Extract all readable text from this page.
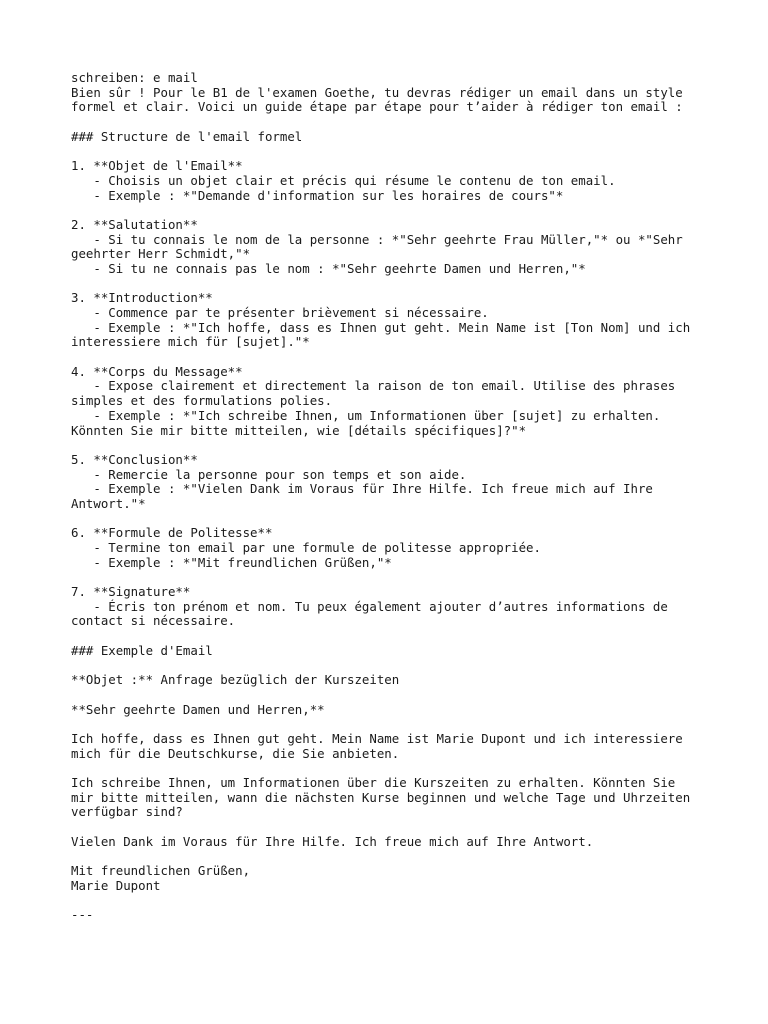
schreiben: e mail
Bien sûr ! Pour le B1 de l'examen Goethe, tu devras rédiger un email dans un style
formel et clair. Voici un guide étape par étape pour t’aider à rédiger ton email :
### Structure de l'email formel
1. **Objet de l'Email**
- Choisis un objet clair et précis qui résume le contenu de ton email.
- Exemple : *"Demande d'information sur les horaires de cours"*
2. **Salutation**
- Si tu connais le nom de la personne : *"Sehr geehrte Frau Müller,"* ou *"Sehr
geehrter Herr Schmidt,"*
- Si tu ne connais pas le nom : *"Sehr geehrte Damen und Herren,"*
3. **Introduction**
- Commence par te présenter brièvement si nécessaire.
- Exemple : *"Ich hoffe, dass es Ihnen gut geht. Mein Name ist [Ton Nom] und ich
interessiere mich für [sujet]."*
4. **Corps du Message**
- Expose clairement et directement la raison de ton email. Utilise des phrases
simples et des formulations polies.
- Exemple : *"Ich schreibe Ihnen, um Informationen über [sujet] zu erhalten.
Könnten Sie mir bitte mitteilen, wie [détails spécifiques]?"*
5. **Conclusion**
- Remercie la personne pour son temps et son aide.
- Exemple : *"Vielen Dank im Voraus für Ihre Hilfe. Ich freue mich auf Ihre
Antwort."*
6. **Formule de Politesse**
- Termine ton email par une formule de politesse appropriée.
- Exemple : *"Mit freundlichen Grüßen,"*
7. **Signature**
- Écris ton prénom et nom. Tu peux également ajouter d’autres informations de
contact si nécessaire.
### Exemple d'Email
**Objet :** Anfrage bezüglich der Kurszeiten
**Sehr geehrte Damen und Herren,**
Ich hoffe, dass es Ihnen gut geht. Mein Name ist Marie Dupont und ich interessiere
mich für die Deutschkurse, die Sie anbieten.
Ich schreibe Ihnen, um Informationen über die Kurszeiten zu erhalten. Könnten Sie
mir bitte mitteilen, wann die nächsten Kurse beginnen und welche Tage und Uhrzeiten
verfügbar sind?
Vielen Dank im Voraus für Ihre Hilfe. Ich freue mich auf Ihre Antwort.
Mit freundlichen Grüßen,
Marie Dupont
---
